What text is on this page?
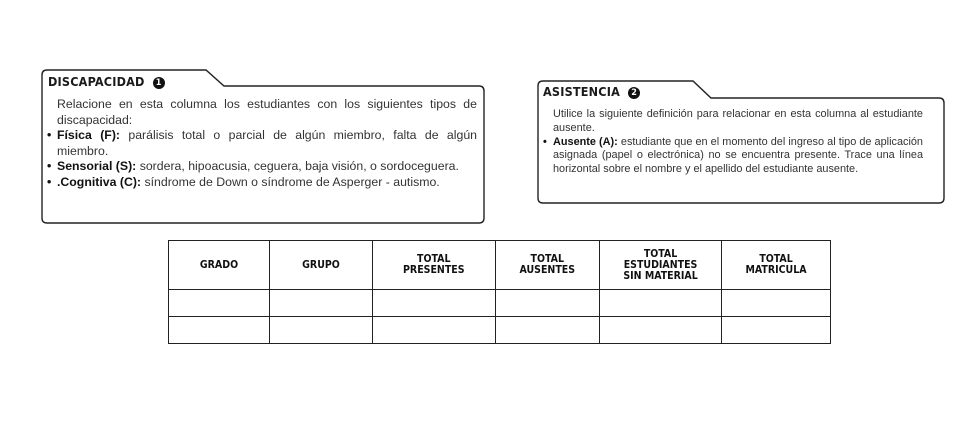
DISCAPACIDAD 1

Relacione en esta columna los estudiantes con los siguientes tipos de discapacidad:

• Física (F): parálisis total o parcial de algún miembro, falta de algún miembro.

• Sensorial (S): sordera, hipoacusia, ceguera, baja visión, o sordoceguera.

• .Cognitiva (C): síndrome de Down o síndrome de Asperger - autismo.

ASISTENCIA 2

Utilice la siguiente definición para relacionar en esta columna al estudiante ausente.

• Ausente (A): estudiante que en el momento del ingreso al tipo de aplicación asignada (papel o electrónica) no se encuentra presente. Trace una línea horizontal sobre el nombre y el apellido del estudiante ausente.

GRADO	GRUPO	TOTAL PRESENTES	TOTAL AUSENTES	TOTAL ESTUDIANTES SIN MATERIAL	TOTAL MATRICULA
